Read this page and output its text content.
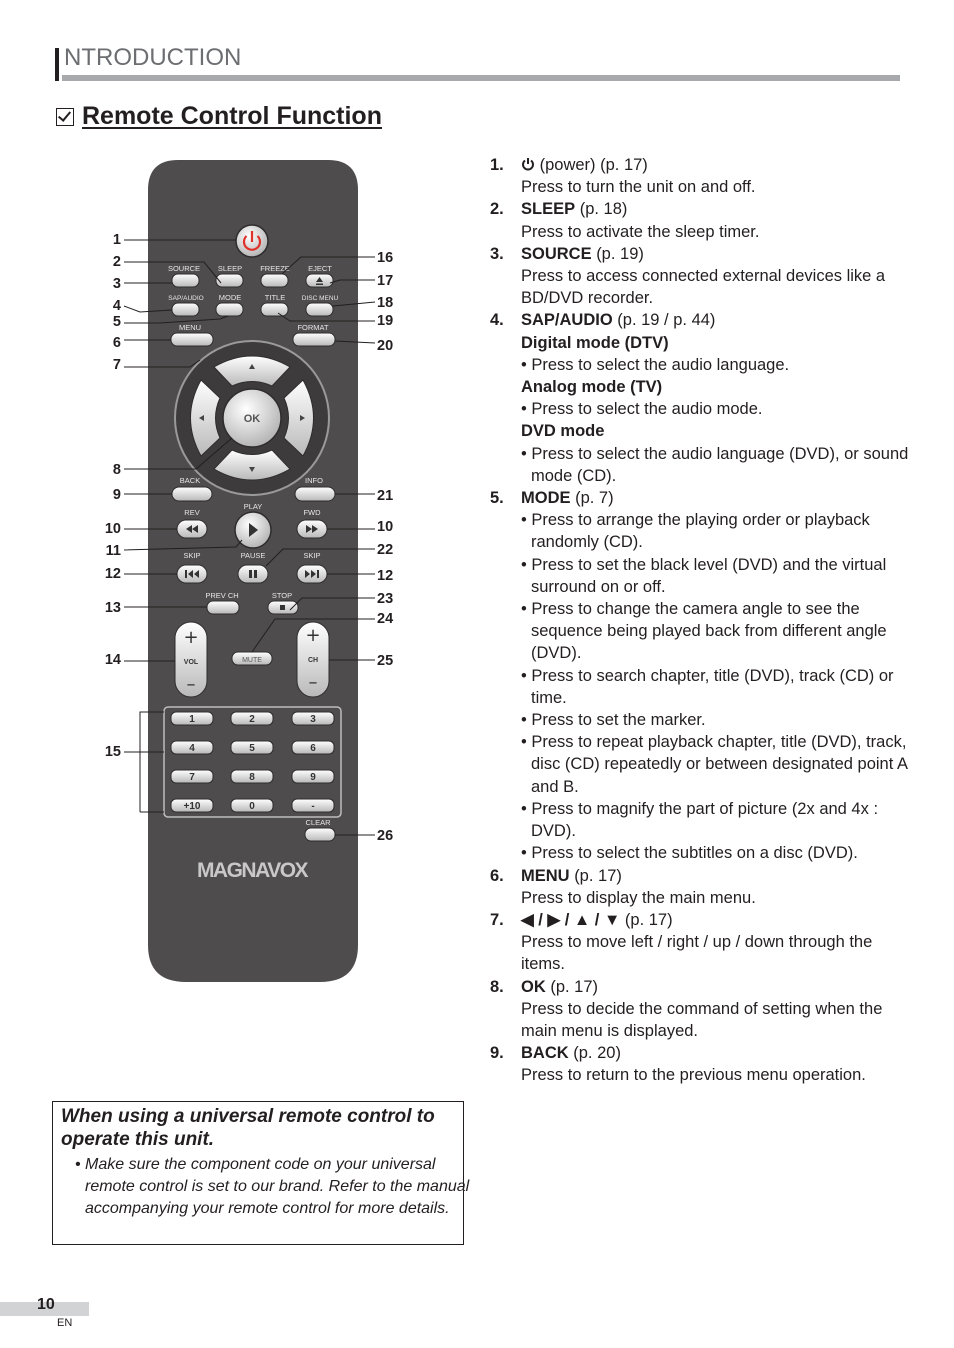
NTRODUCTION
Remote Control Function
SOURCE SLEEP FREEZE EJECT
SAP/AUDIO MODE	TITLE	DISC MENU
MENU	FORMAT
BACK	INFO
REV
PLAY
FWD
SKIP	PAUSE	SKIP
PREV CH	STOP
CLEAR
OK
+
VOL
–
MUTE
+
CH
–
1	2	3
4	5	6
7	8	9
+10	0	-
MAGNAVOX
1
2
3
4
5
6
7
8
9
10
11
12
13
14
15
16
17
18
19
20
21
10
22
12
23
24
25
26
1.	(power) (p. 17)
Press to turn the unit on and off.
2. SLEEP (p. 18)
Press to activate the sleep timer.
3. SOURCE (p. 19)
Press to access connected external devices like a BD/DVD recorder.
4. SAP/AUDIO (p. 19 / p. 44)
Digital mode (DTV)
• Press to select the audio language.
Analog mode (TV)
• Press to select the audio mode.
DVD mode
• Press to select the audio language (DVD), or sound mode (CD).
5. MODE (p. 7)
• Press to arrange the playing order or playback randomly (CD).
• Press to set the black level (DVD) and the virtual surround on or off.
• Press to change the camera angle to see the sequence being played back from different angle (DVD).
• Press to search chapter, title (DVD), track (CD) or time.
• Press to set the marker.
• Press to repeat playback chapter, title (DVD), track, disc (CD) repeatedly or between designated point A and B.
• Press to magnify the part of picture (2x and 4x : DVD).
• Press to select the subtitles on a disc (DVD).
6. MENU (p. 17)
Press to display the main menu.
7. ◀ / ▶ / ▲ / ▼ (p. 17)
Press to move left / right / up / down through the items.
8. OK (p. 17)
Press to decide the command of setting when the main menu is displayed.
9. BACK (p. 20)
Press to return to the previous menu operation.
When using a universal remote control to operate this unit.
• Make sure the component code on your universal remote control is set to our brand. Refer to the manual accompanying your remote control for more details.
10
EN
